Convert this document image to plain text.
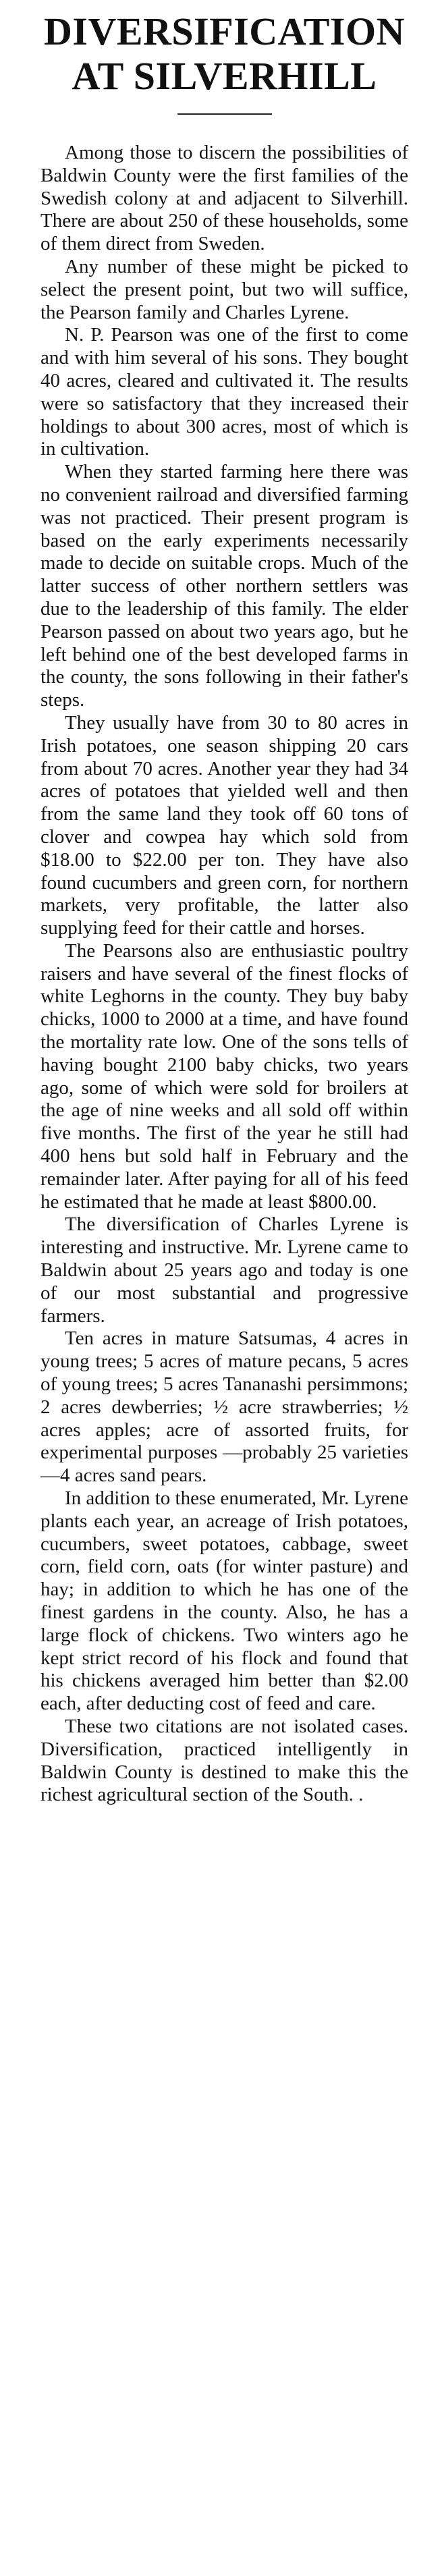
DIVERSIFICATION
AT SILVERHILL

Among those to discern the possibilities of Baldwin County were the first families of the Swedish colony at and adjacent to Silverhill. There are about 250 of these households, some of them direct from Sweden.

Any number of these might be picked to select the present point, but two will suffice, the Pearson family and Charles Lyrene.

N. P. Pearson was one of the first to come and with him several of his sons. They bought 40 acres, cleared and cultivated it. The results were so satisfactory that they increased their holdings to about 300 acres, most of which is in cultivation.

When they started farming here there was no convenient railroad and diversified farming was not practiced. Their present program is based on the early experiments necessarily made to decide on suitable crops. Much of the latter success of other northern settlers was due to the leadership of this family. The elder Pearson passed on about two years ago, but he left behind one of the best developed farms in the county, the sons following in their father's steps.

They usually have from 30 to 80 acres in Irish potatoes, one season shipping 20 cars from about 70 acres. Another year they had 34 acres of potatoes that yielded well and then from the same land they took off 60 tons of clover and cowpea hay which sold from $18.00 to $22.00 per ton. They have also found cucumbers and green corn, for northern markets, very profitable, the latter also supplying feed for their cattle and horses.

The Pearsons also are enthusiastic poultry raisers and have several of the finest flocks of white Leghorns in the county. They buy baby chicks, 1000 to 2000 at a time, and have found the mortality rate low. One of the sons tells of having bought 2100 baby chicks, two years ago, some of which were sold for broilers at the age of nine weeks and all sold off within five months. The first of the year he still had 400 hens but sold half in February and the remainder later. After paying for all of his feed he estimated that he made at least $800.00.

The diversification of Charles Lyrene is interesting and instructive. Mr. Lyrene came to Baldwin about 25 years ago and today is one of our most substantial and progressive farmers.

Ten acres in mature Satsumas, 4 acres in young trees; 5 acres of mature pecans, 5 acres of young trees; 5 acres Tananashi persimmons; 2 acres dewberries; ½ acre strawberries; ½ acres apples; acre of assorted fruits, for experimental purposes —probably 25 varieties—4 acres sand pears.

In addition to these enumerated, Mr. Lyrene plants each year, an acreage of Irish potatoes, cucumbers, sweet potatoes, cabbage, sweet corn, field corn, oats (for winter pasture) and hay; in addition to which he has one of the finest gardens in the county. Also, he has a large flock of chickens. Two winters ago he kept strict record of his flock and found that his chickens averaged him better than $2.00 each, after deducting cost of feed and care.

These two citations are not isolated cases. Diversification, practiced intelligently in Baldwin County is destined to make this the richest agricultural section of the South. .
